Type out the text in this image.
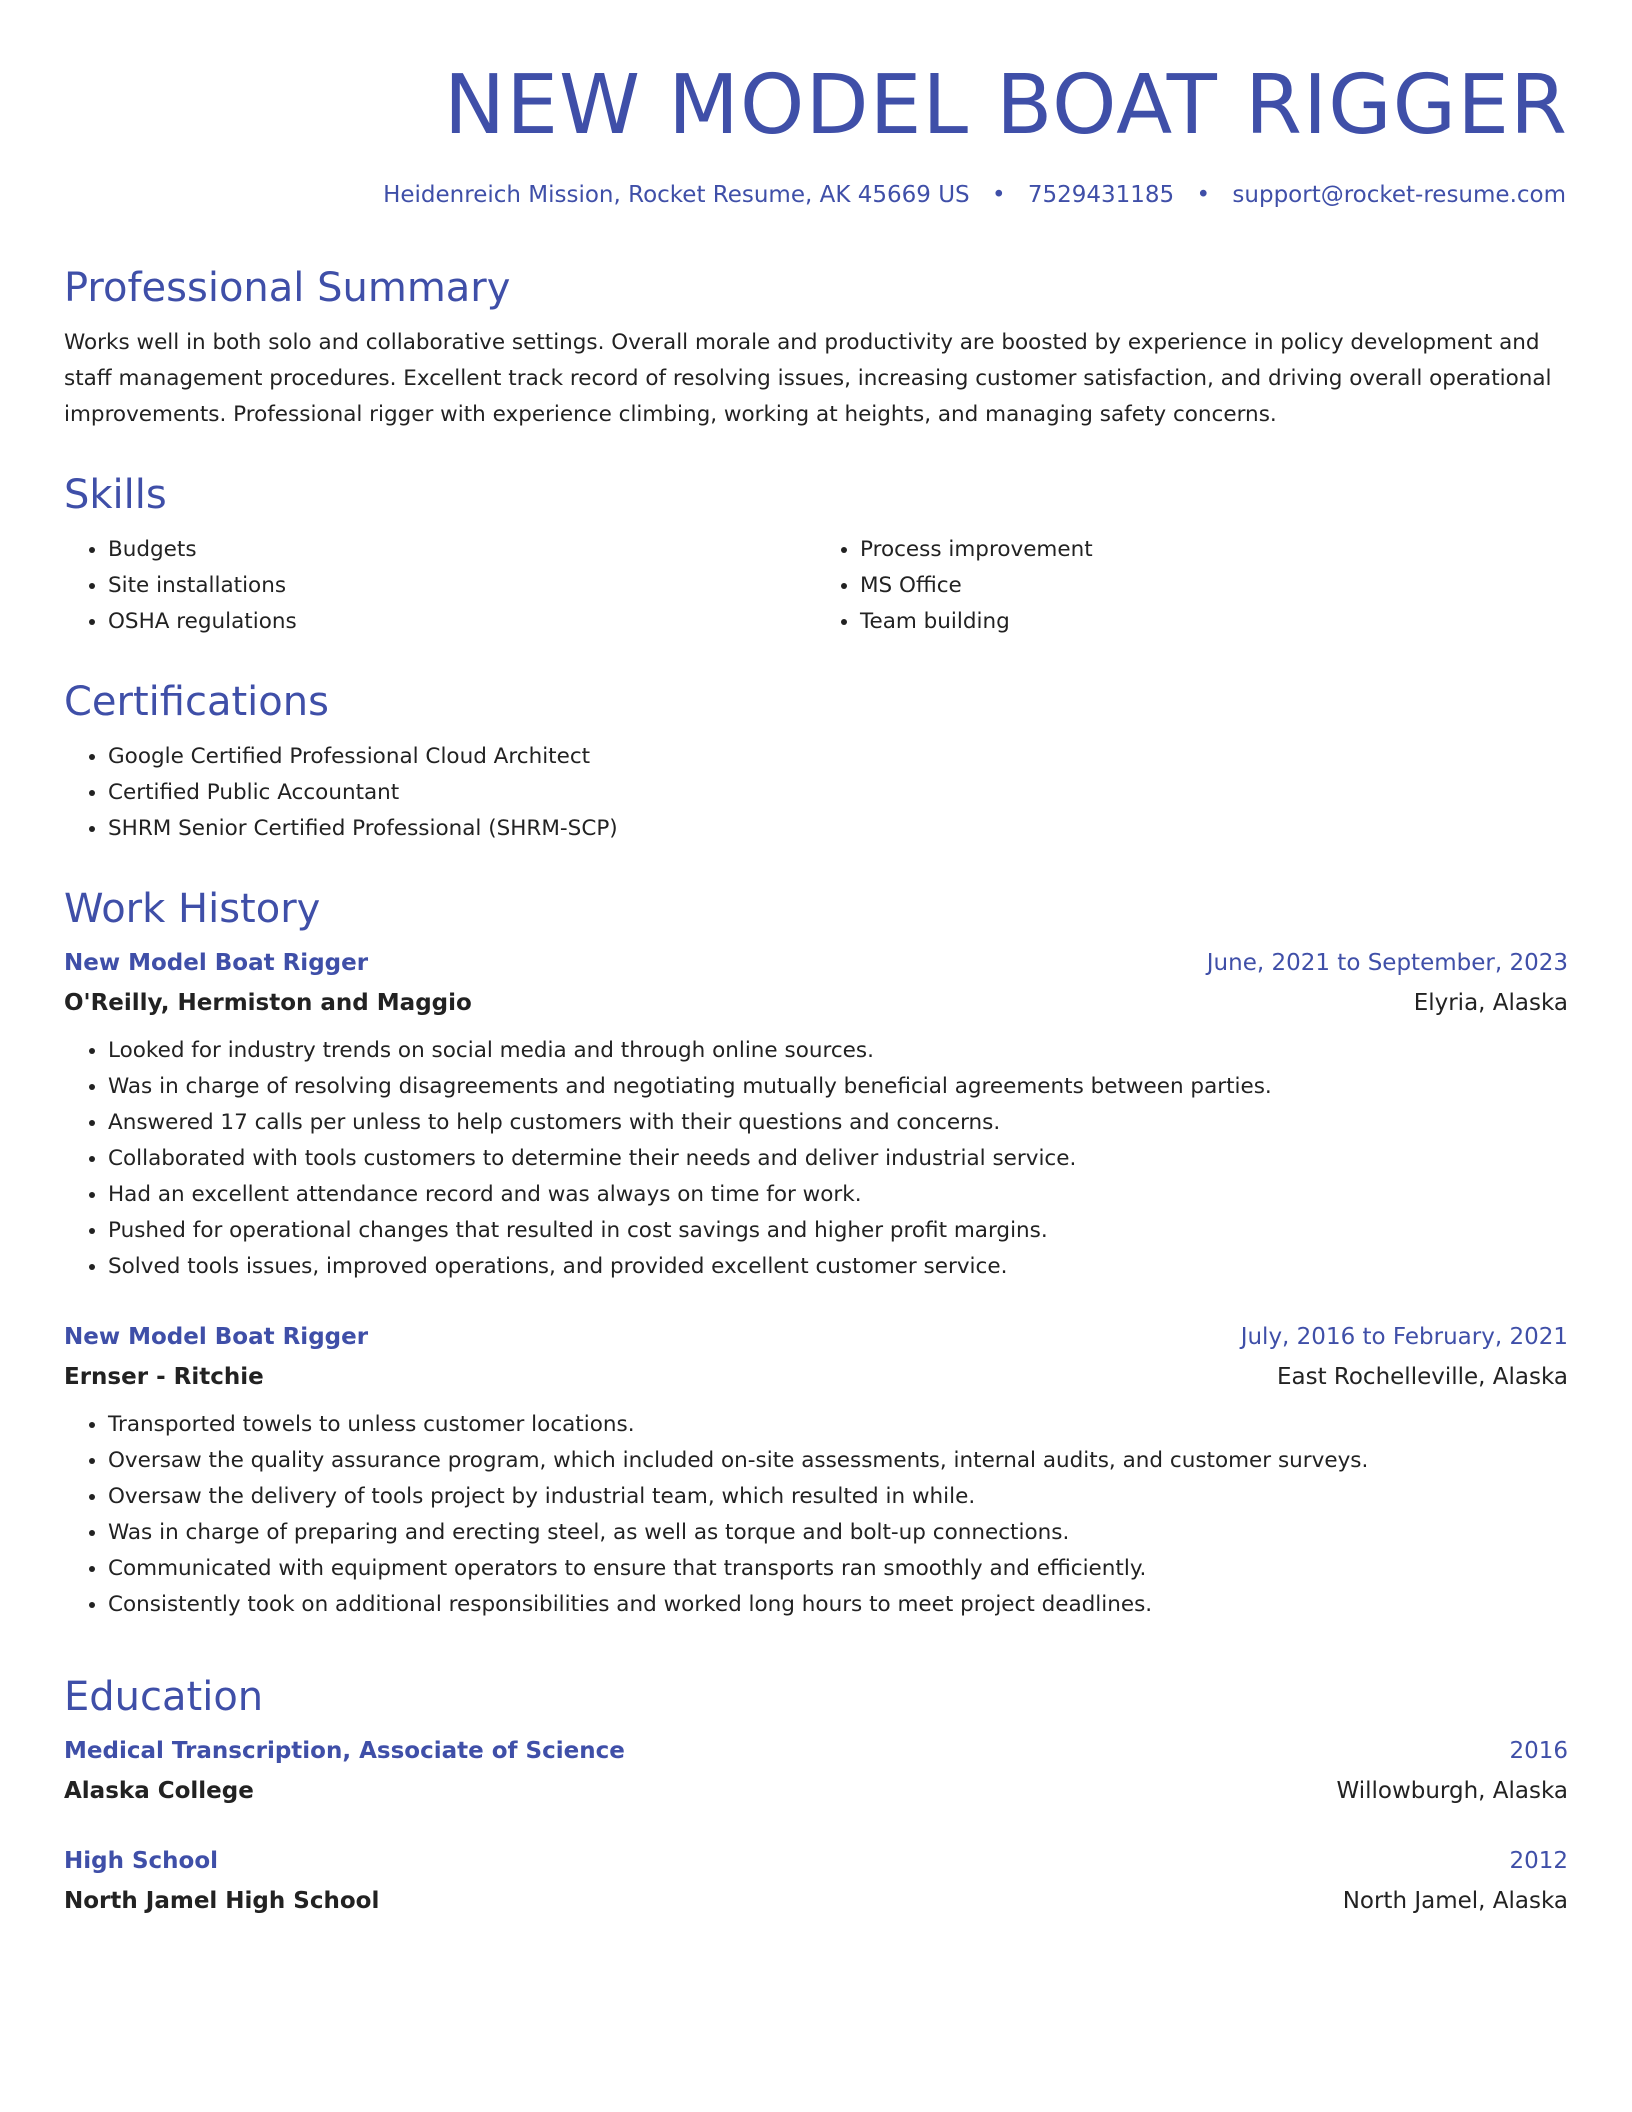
NEW MODEL BOAT RIGGER
Heidenreich Mission, Rocket Resume, AK 45669 US • 7529431185 • support@rocket-resume.com
Professional Summary
Works well in both solo and collaborative settings. Overall morale and productivity are boosted by experience in policy development and staff management procedures. Excellent track record of resolving issues, increasing customer satisfaction, and driving overall operational improvements. Professional rigger with experience climbing, working at heights, and managing safety concerns.
Skills
• Budgets
• Site installations
• OSHA regulations
• Process improvement
• MS Office
• Team building
Certifications
• Google Certified Professional Cloud Architect
• Certified Public Accountant
• SHRM Senior Certified Professional (SHRM-SCP)
Work History
New Model Boat Rigger	June, 2021 to September, 2023
O'Reilly, Hermiston and Maggio	Elyria, Alaska
• Looked for industry trends on social media and through online sources.
• Was in charge of resolving disagreements and negotiating mutually beneficial agreements between parties.
• Answered 17 calls per unless to help customers with their questions and concerns.
• Collaborated with tools customers to determine their needs and deliver industrial service.
• Had an excellent attendance record and was always on time for work.
• Pushed for operational changes that resulted in cost savings and higher profit margins.
• Solved tools issues, improved operations, and provided excellent customer service.
New Model Boat Rigger	July, 2016 to February, 2021
Ernser - Ritchie	East Rochelleville, Alaska
• Transported towels to unless customer locations.
• Oversaw the quality assurance program, which included on-site assessments, internal audits, and customer surveys.
• Oversaw the delivery of tools project by industrial team, which resulted in while.
• Was in charge of preparing and erecting steel, as well as torque and bolt-up connections.
• Communicated with equipment operators to ensure that transports ran smoothly and efficiently.
• Consistently took on additional responsibilities and worked long hours to meet project deadlines.
Education
Medical Transcription, Associate of Science	2016
Alaska College	Willowburgh, Alaska
High School	2012
North Jamel High School	North Jamel, Alaska
